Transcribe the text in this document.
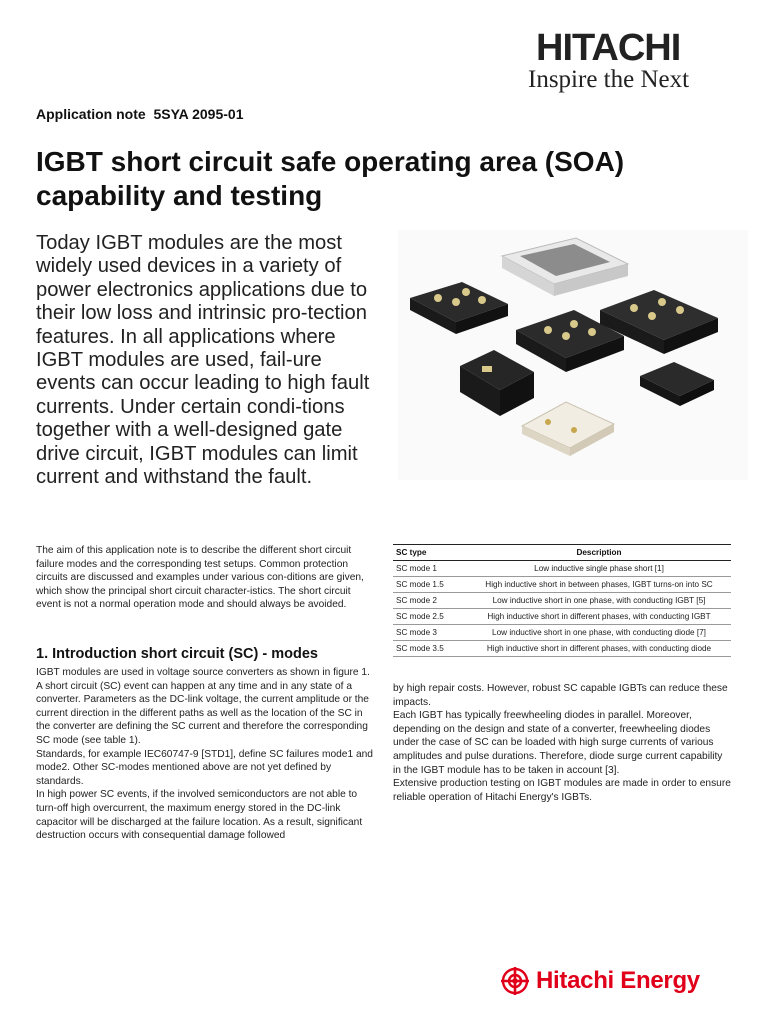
HITACHI
Inspire the Next
Application note  5SYA 2095-01
IGBT short circuit safe operating area (SOA) capability and testing
Today IGBT modules are the most widely used devices in a variety of power electronics applications due to their low loss and intrinsic pro-tection features. In all applications where IGBT modules are used, fail-ure events can occur leading to high fault currents. Under certain condi-tions together with a well-designed gate drive circuit, IGBT modules can limit current and withstand the fault.
The aim of this application note is to describe the different short circuit failure modes and the corresponding test setups. Common protection circuits are discussed and examples under various con-ditions are given, which show the principal short circuit character-istics. The short circuit event is not a normal operation mode and should always be avoided.
SC type	Description
SC mode 1	Low inductive single phase short [1]
SC mode 1.5	High inductive short in between phases, IGBT turns-on into SC
SC mode 2	Low inductive short in one phase, with conducting IGBT [5]
SC mode 2.5	High inductive short in different phases, with conducting IGBT
SC mode 3	Low inductive short in one phase, with conducting diode [7]
SC mode 3.5	High inductive short in different phases, with conducting diode
1. Introduction short circuit (SC) - modes
IGBT modules are used in voltage source converters as shown in figure 1. A short circuit (SC) event can happen at any time and in any state of a converter. Parameters as the DC-link voltage, the current amplitude or the current direction in the different paths as well as the location of the SC in the converter are defining the SC current and therefore the corresponding SC mode (see table 1).
Standards, for example IEC60747-9 [STD1], define SC failures mode1 and mode2. Other SC-modes mentioned above are not yet defined by standards.
In high power SC events, if the involved semiconductors are not able to turn-off high overcurrent, the maximum energy stored in the DC-link capacitor will be discharged at the failure location. As a result, significant destruction occurs with consequential damage followed
by high repair costs. However, robust SC capable IGBTs can reduce these impacts.
Each IGBT has typically freewheeling diodes in parallel. Moreover, depending on the design and state of a converter, freewheeling diodes under the case of SC can be loaded with high surge currents of various amplitudes and pulse durations. Therefore, diode surge current capability in the IGBT module has to be taken in account [3].
Extensive production testing on IGBT modules are made in order to ensure reliable operation of Hitachi Energy's IGBTs.
Hitachi Energy
